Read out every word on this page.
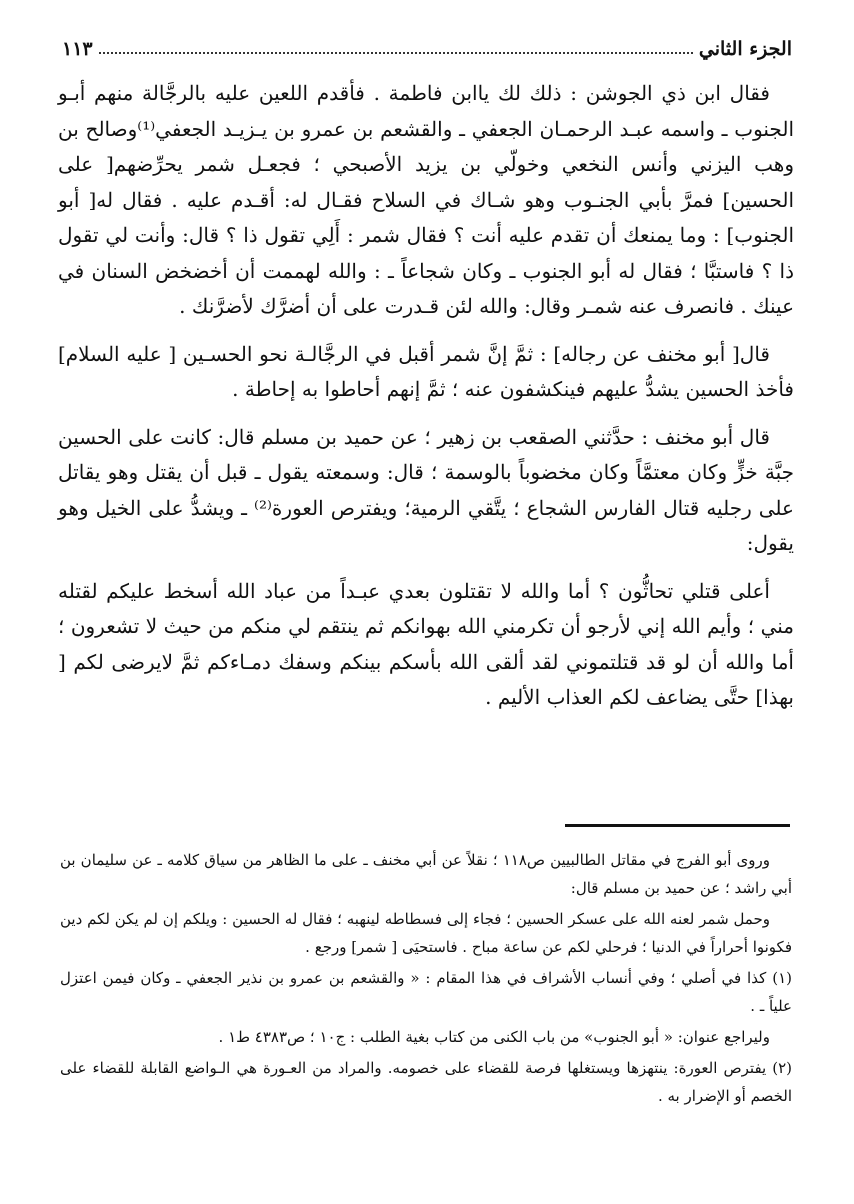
الجزء الثاني
١١٣

فقال ابن ذي الجوشن : ذلك لك ياابن فاطمة . فأقدم اللعين عليه بالرجَّالة منهم أبـو الجنوب ـ واسمه عبـد الرحمـان الجعفي ـ والقشعم بن عمرو بن يـزيـد الجعفي⁽¹⁾وصالح بن وهب اليزني وأنس النخعي وخولّي بن يزيد الأصبحي ؛ فجعـل شمر يحرِّضهم[ على الحسين] فمرَّ بأبي الجنـوب وهو شـاك في السلاح فقـال له: أقـدم عليه . فقال له[ أبو الجنوب] : وما يمنعك أن تقدم عليه أنت ؟ فقال شمر : أَلِي تقول ذا ؟ قال: وأنت لي تقول ذا ؟ فاستبَّا ؛ فقال له أبو الجنوب ـ وكان شجاعاً ـ : والله لهممت أن أخضخض السنان في عينك . فانصرف عنه شمـر وقال: والله لئن قـدرت على أن أضرَّك لأضرَّنك .

قال[ أبو مخنف عن رجاله] : ثمَّ إنَّ شمر أقبل في الرجَّالـة نحو الحسـين [ عليه السلام] فأخذ الحسين يشدُّ عليهم فينكشفون عنه ؛ ثمَّ إنهم أحاطوا به إحاطة .

قال أبو مخنف : حدَّثني الصقعب بن زهير ؛ عن حميد بن مسلم قال: كانت على الحسين جبَّة خزٍّ وكان معتمَّاً وكان مخضوباً بالوسمة ؛ قال: وسمعته يقول ـ قبل أن يقتل وهو يقاتل على رجليه قتال الفارس الشجاع ؛ يتَّقي الرمية؛ ويفترص العورة⁽²⁾ ـ ويشدُّ على الخيل وهو يقول:

أعلى قتلي تحاثُّون ؟ أما والله لا تقتلون بعدي عبـداً من عباد الله أسخط عليكم لقتله مني ؛ وأيم الله إني لأرجو أن تكرمني الله بهوانكم ثم ينتقم لي منكم من حيث لا تشعرون ؛ أما والله أن لو قد قتلتموني لقد ألقى الله بأسكم بينكم وسفك دمـاءكم ثمَّ لايرضى لكم [ بهذا] حتَّى يضاعف لكم العذاب الأليم .

وروى أبو الفرج في مقاتل الطالبيين ص١١٨ ؛ نقلاً عن أبي مخنف ـ على ما الظاهر من سياق كلامه ـ عن سليمان بن أبي راشد ؛ عن حميد بن مسلم قال:

وحمل شمر لعنه الله على عسكر الحسين ؛ فجاء إلى فسطاطه لينهبه ؛ فقال له الحسين : ويلكم إن لم يكن لكم دين فكونوا أحراراً في الدنيا ؛ فرحلي لكم عن ساعة مباح . فاستحيَى [ شمر] ورجع .

(١)كذا في أصلي ؛ وفي أنساب الأشراف في هذا المقام : « والقشعم بن عمرو بن نذير الجعفي ـ وكان فيمن اعتزل علياً ـ .

وليراجع عنوان: « أبو الجنوب» من باب الكنى من كتاب بغية الطلب : ج١٠ ؛ ص٤٣٨٣ ط١ .

(٢)يفترص العورة: ينتهزها ويستغلها فرصة للقضاء على خصومه. والمراد من العـورة هي الـواضع القابلة للقضاء على الخصم أو الإضرار به .
